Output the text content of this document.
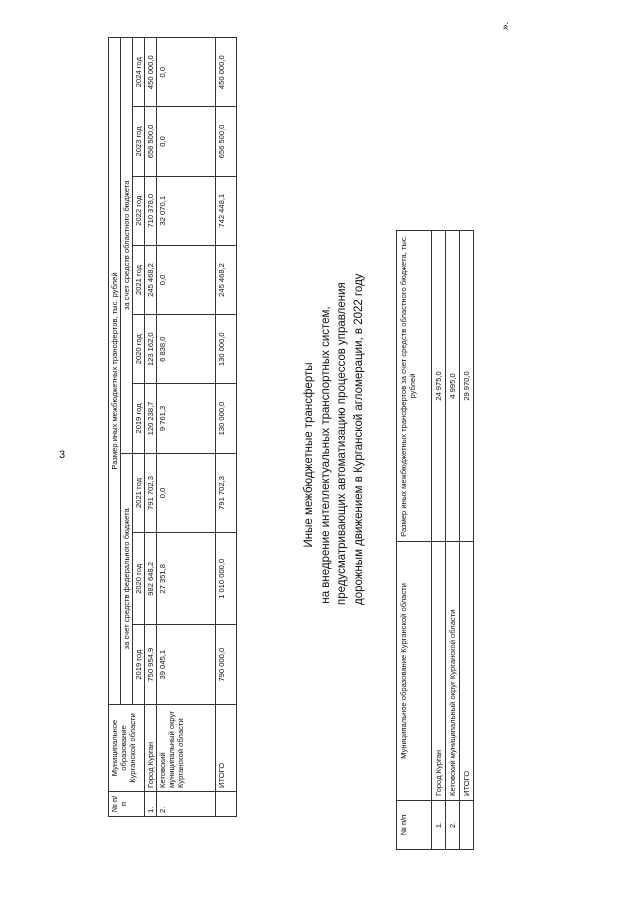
3
№ п/п	Муниципальное образование Курганской области	Размер иных межбюджетных трансфертов, тыс. рублей								
		за счет средств федерального бюджета			за счет средств областного бюджета					
		2019 год	2020 год	2021 год	2019 год	2020 год	2021 год	2022 год	2023 год	2024 год
1.	Город Курган	750 954,9	982 648,2	791 702,3	120 238,7	123 162,0	245 468,2	710 378,0	656 500,0	450 000,0
2.	Кетовский муниципальный округ Курганской области	39 045,1	27 351,8	0,0	9 761,3	6 838,0	0,0	32 070,1	0,0	0,0
	ИТОГО	790 000,0	1 010 000,0	791 702,3	130 000,0	130 000,0	245 468,2	742 448,1	656 500,0	450 000,0
Иные межбюджетные трансферты на внедрение интеллектуальных транспортных систем, предусматривающих автоматизацию процессов управления дорожным движением в Курганской агломерации, в 2022 году
№ п/п	Муниципальное образование Курганской области	Размер иных межбюджетных трансфертов за счет средств областного бюджета, тыс. рублей
1.	Город Курган	24 975,0
2.	Кетовский муниципальный округ Курганской области	4 995,0
	ИТОГО	29 970,0
».
